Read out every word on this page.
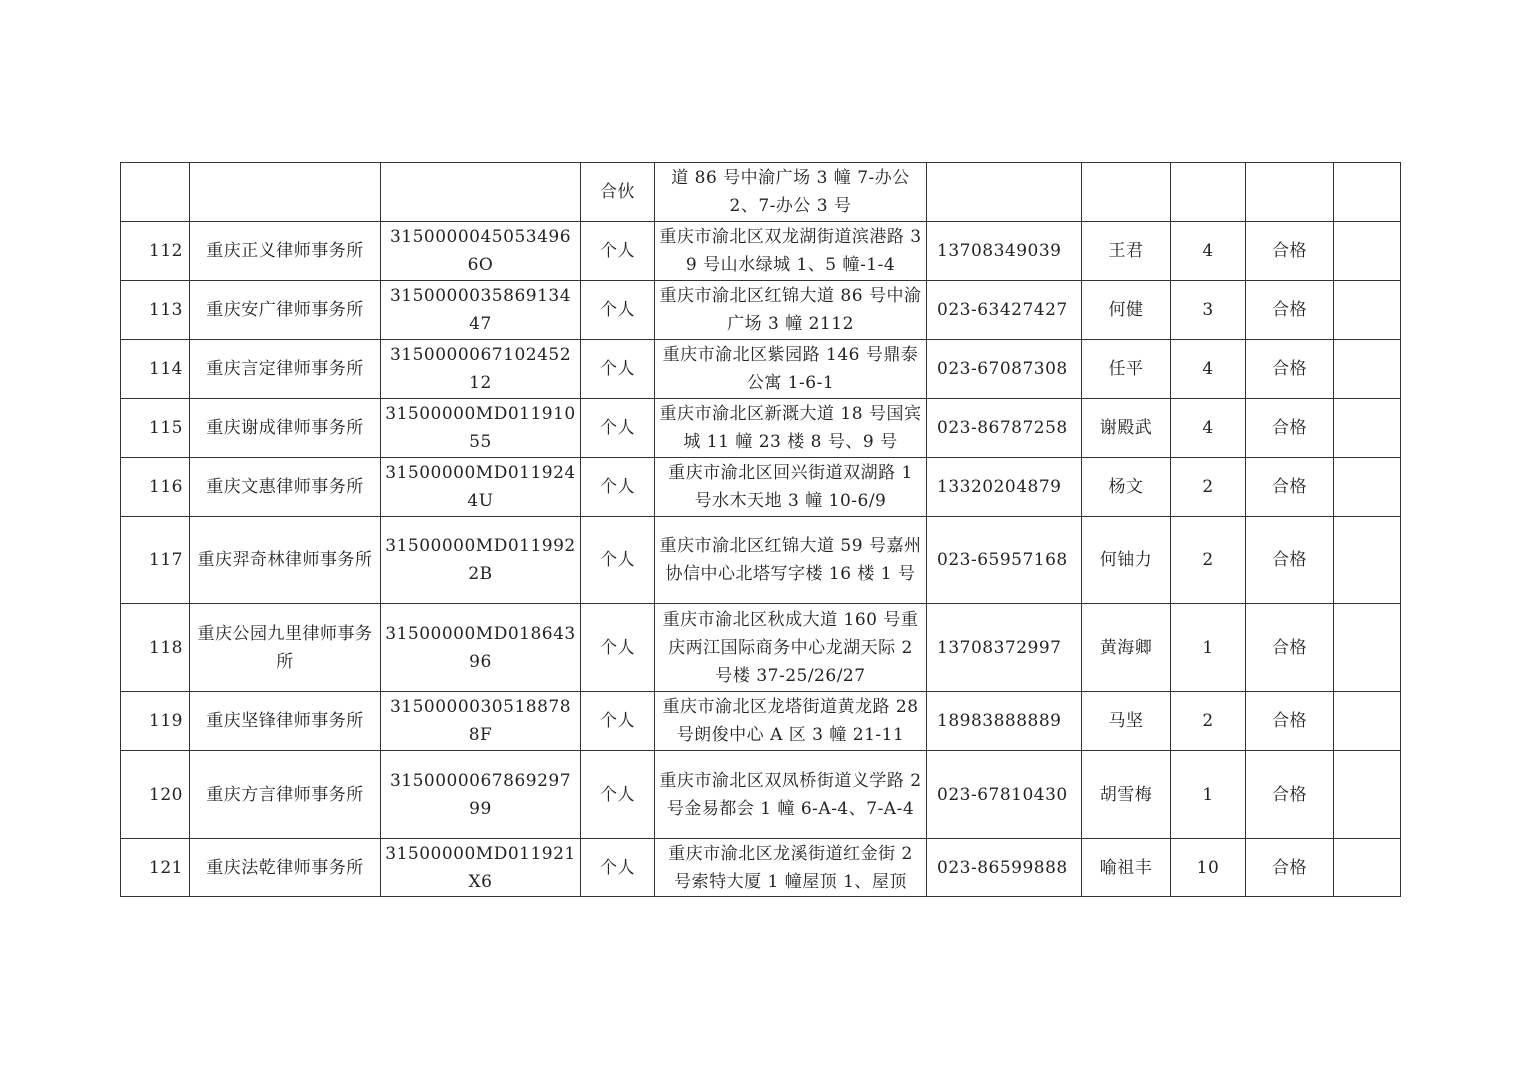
			合伙	道 86 号中渝广场 3 幢 7-办公 2、7-办公 3 号					
112	重庆正义律师事务所	31500000450534966O	个人	重庆市渝北区双龙湖街道滨港路 39 号山水绿城 1、5 幢-1-4	13708349039	王君	4	合格	
113	重庆安广律师事务所	315000003586913447	个人	重庆市渝北区红锦大道 86 号中渝广场 3 幢 2112	023-63427427	何健	3	合格	
114	重庆言定律师事务所	315000006710245212	个人	重庆市渝北区紫园路 146 号鼎泰公寓 1-6-1	023-67087308	任平	4	合格	
115	重庆谢成律师事务所	31500000MD01191055	个人	重庆市渝北区新溉大道 18 号国宾城 11 幢 23 楼 8 号、9 号	023-86787258	谢殿武	4	合格	
116	重庆文惠律师事务所	31500000MD0119244U	个人	重庆市渝北区回兴街道双湖路 1 号水木天地 3 幢 10-6/9	13320204879	杨文	2	合格	
117	重庆羿奇林律师事务所	31500000MD0119922B	个人	重庆市渝北区红锦大道 59 号嘉州协信中心北塔写字楼 16 楼 1 号	023-65957168	何铀力	2	合格	
118	重庆公园九里律师事务所	31500000MD01864396	个人	重庆市渝北区秋成大道 160 号重庆两江国际商务中心龙湖天际 2 号楼 37-25/26/27	13708372997	黄海卿	1	合格	
119	重庆坚锋律师事务所	31500000305188788F	个人	重庆市渝北区龙塔街道黄龙路 28 号朗俊中心 A 区 3 幢 21-11	18983888889	马坚	2	合格	
120	重庆方言律师事务所	315000006786929799	个人	重庆市渝北区双凤桥街道义学路 2 号金易都会 1 幢 6-A-4、7-A-4	023-67810430	胡雪梅	1	合格	
121	重庆法乾律师事务所	31500000MD011921X6	个人	重庆市渝北区龙溪街道红金街 2 号索特大厦 1 幢屋顶 1、屋顶	023-86599888	喻祖丰	10	合格	
